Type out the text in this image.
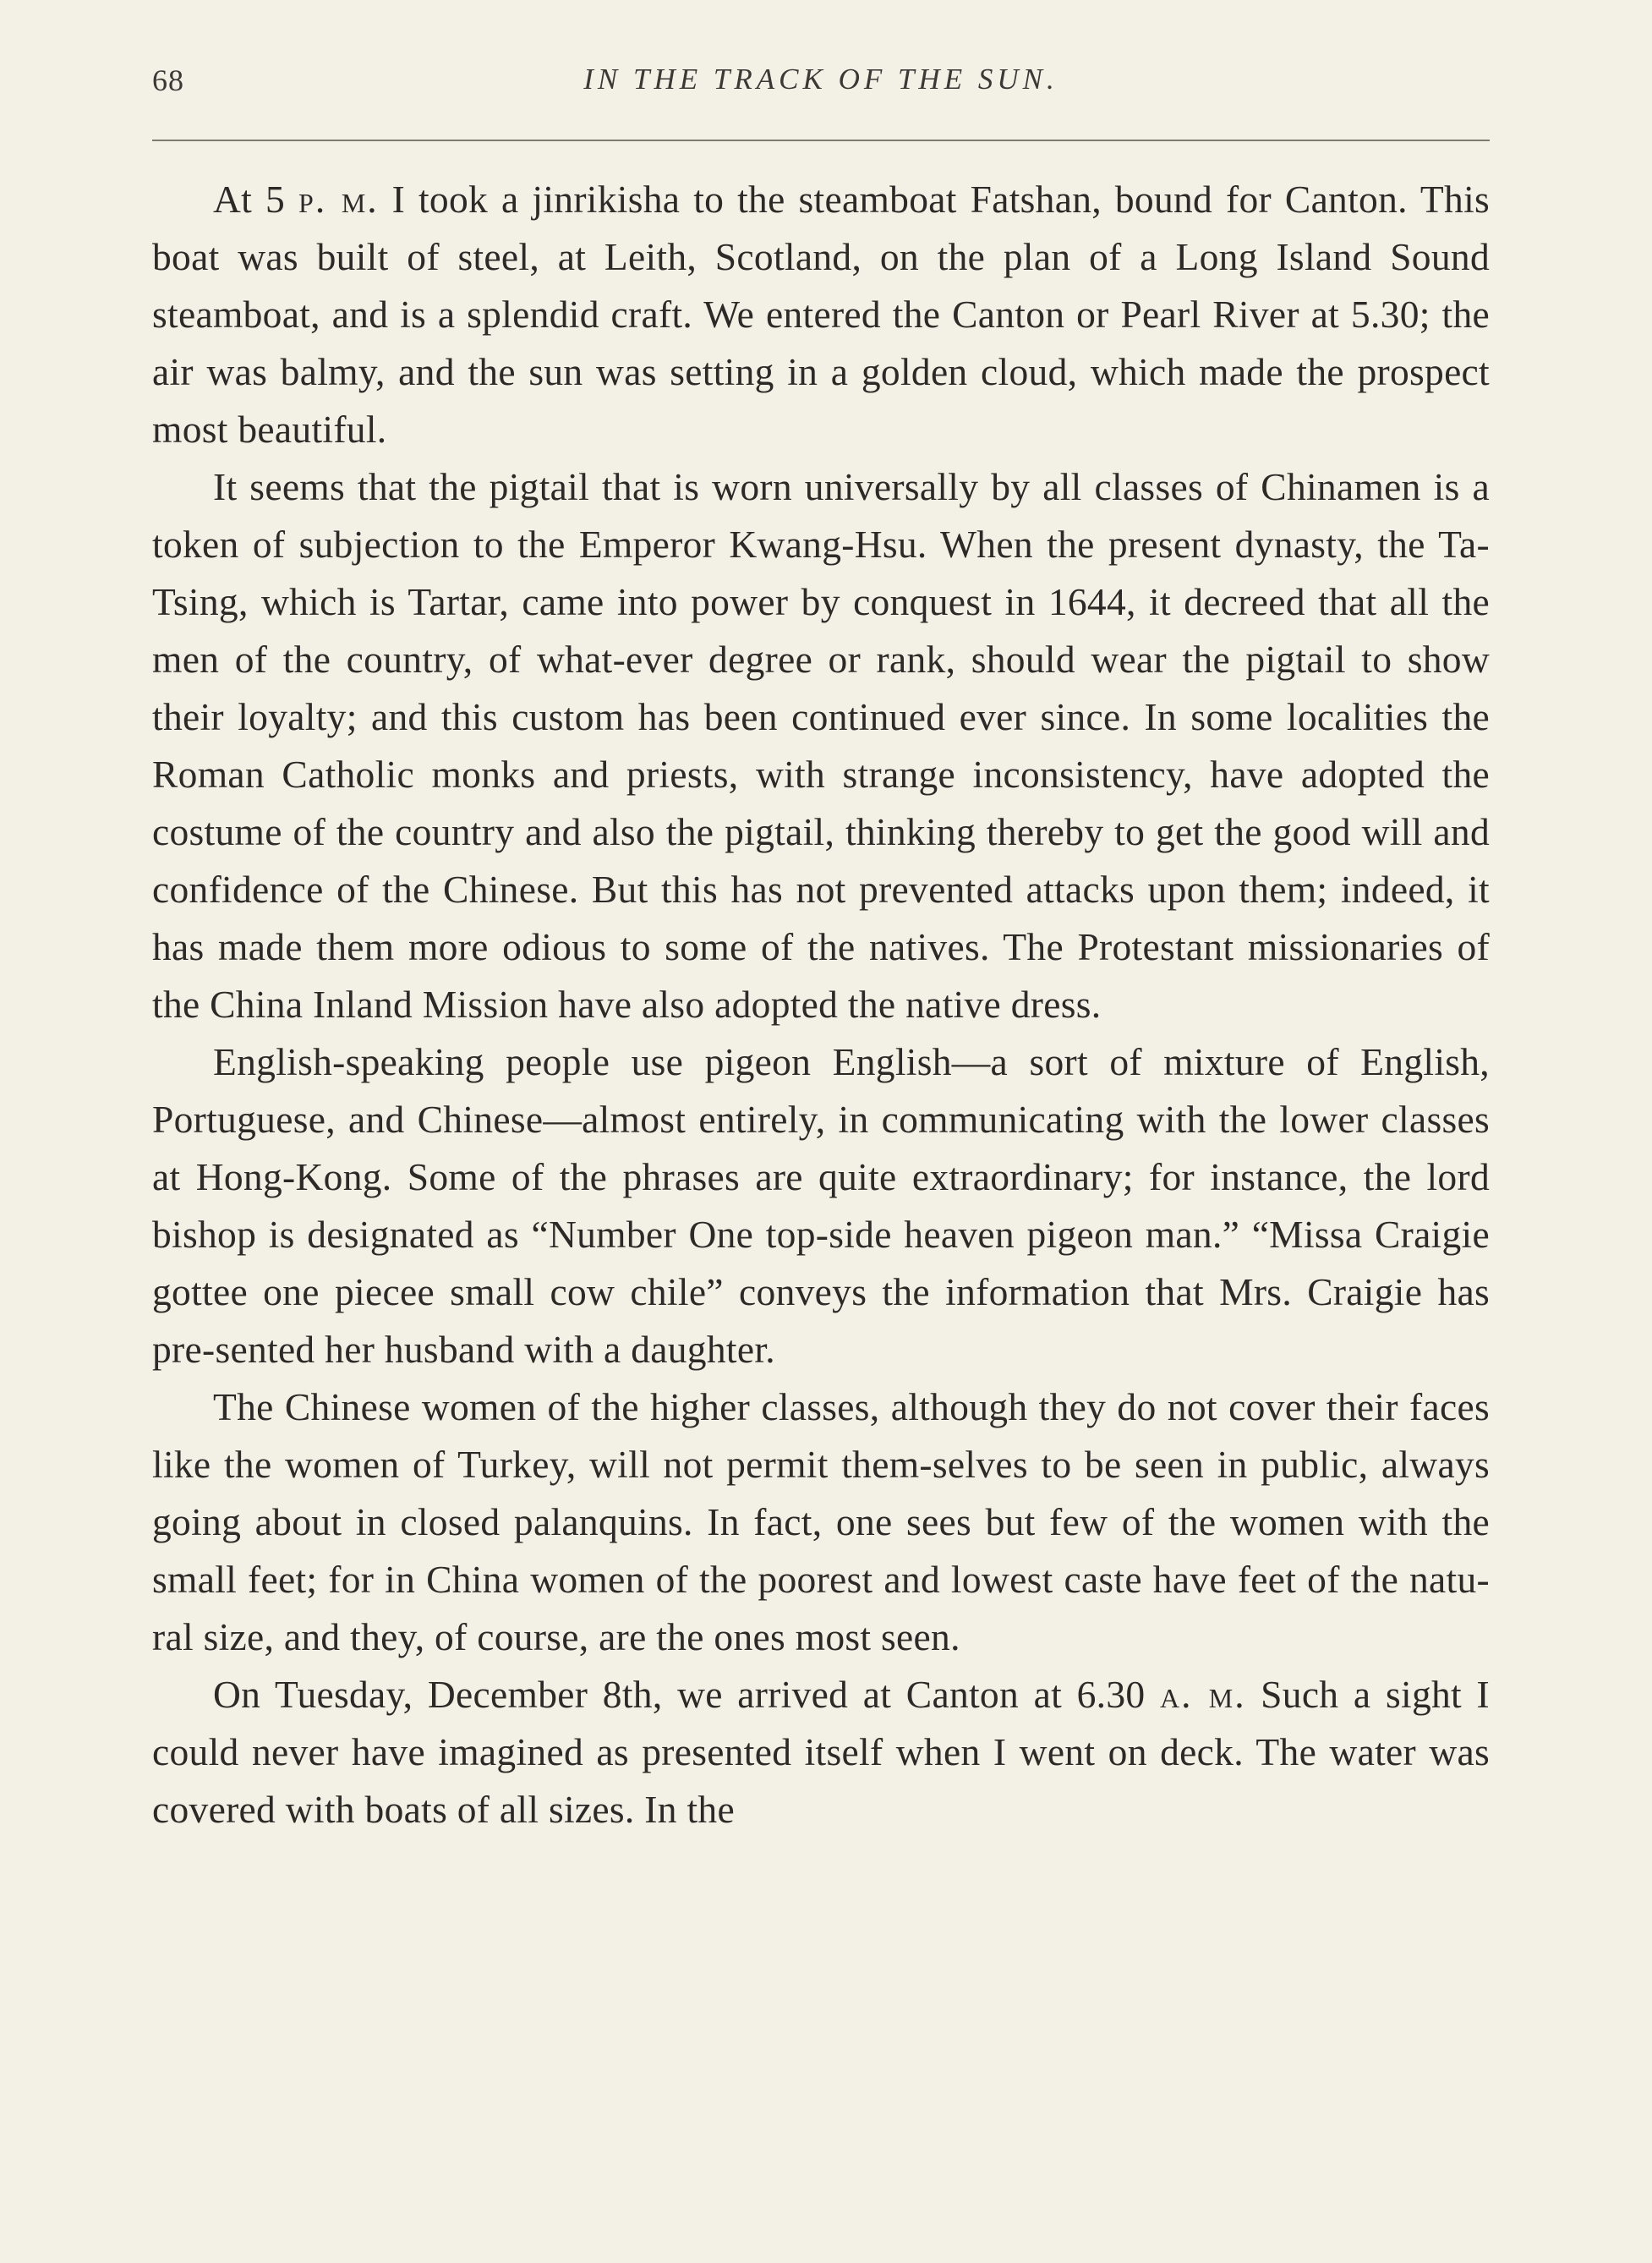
68	IN THE TRACK OF THE SUN.

At 5 p. m. I took a jinrikisha to the steamboat Fatshan, bound for Canton. This boat was built of steel, at Leith, Scotland, on the plan of a Long Island Sound steamboat, and is a splendid craft. We entered the Canton or Pearl River at 5.30; the air was balmy, and the sun was setting in a golden cloud, which made the prospect most beautiful.

It seems that the pigtail that is worn universally by all classes of Chinamen is a token of subjection to the Emperor Kwang-Hsu. When the present dynasty, the Ta-Tsing, which is Tartar, came into power by conquest in 1644, it decreed that all the men of the country, of what-ever degree or rank, should wear the pigtail to show their loyalty; and this custom has been continued ever since. In some localities the Roman Catholic monks and priests, with strange inconsistency, have adopted the costume of the country and also the pigtail, thinking thereby to get the good will and confidence of the Chinese. But this has not prevented attacks upon them; indeed, it has made them more odious to some of the natives. The Protestant missionaries of the China Inland Mission have also adopted the native dress.

English-speaking people use pigeon English—a sort of mixture of English, Portuguese, and Chinese—almost entirely, in communicating with the lower classes at Hong-Kong. Some of the phrases are quite extraordinary; for instance, the lord bishop is designated as “Number One top-side heaven pigeon man.” “Missa Craigie gottee one piecee small cow chile” conveys the information that Mrs. Craigie has pre-sented her husband with a daughter.

The Chinese women of the higher classes, although they do not cover their faces like the women of Turkey, will not permit them-selves to be seen in public, always going about in closed palanquins. In fact, one sees but few of the women with the small feet; for in China women of the poorest and lowest caste have feet of the natu-ral size, and they, of course, are the ones most seen.

On Tuesday, December 8th, we arrived at Canton at 6.30 a. m. Such a sight I could never have imagined as presented itself when I went on deck. The water was covered with boats of all sizes. In the
